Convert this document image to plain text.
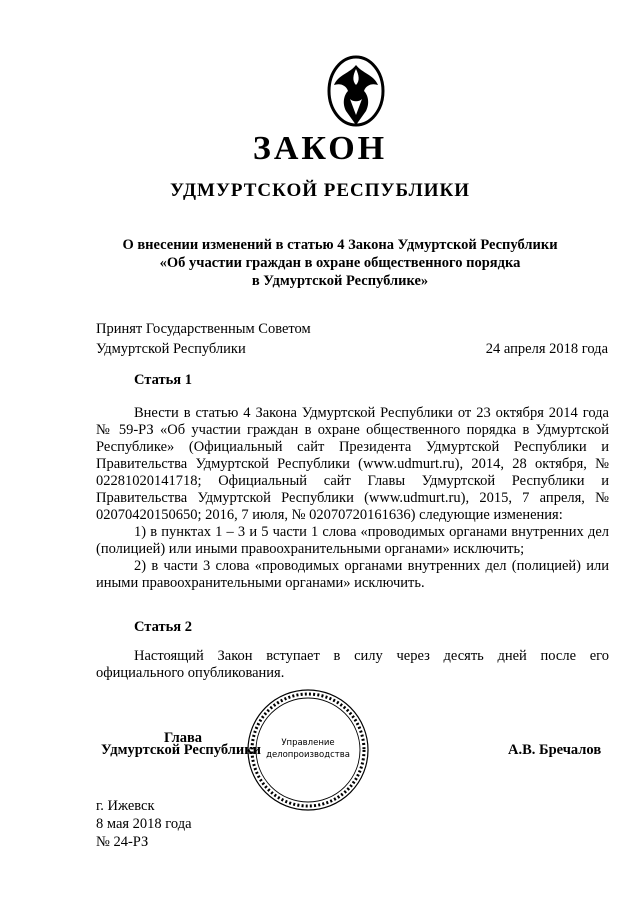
ЗАКОН
УДМУРТСКОЙ РЕСПУБЛИКИ
О внесении изменений в статью 4 Закона Удмуртской Республики
«Об участии граждан в охране общественного порядка
в Удмуртской Республике»
Принят Государственным Советом
Удмуртской Республики	24 апреля 2018 года
Статья 1

Внести в статью 4 Закона Удмуртской Республики от 23 октября 2014 года № 59-РЗ «Об участии граждан в охране общественного порядка в Удмуртской Республике» (Официальный сайт Президента Удмуртской Республики и Правительства Удмуртской Республики (www.udmurt.ru), 2014, 28 октября, № 02281020141718; Официальный сайт Главы Удмуртской Республики и Правительства Удмуртской Республики (www.udmurt.ru), 2015, 7 апреля, № 02070420150650; 2016, 7 июля, № 02070720161636) следующие изменения:

1) в пунктах 1 – 3 и 5 части 1 слова «проводимых органами внутренних дел (полицией) или иными правоохранительными органами» исключить;

2) в части 3 слова «проводимых органами внутренних дел (полицией) или иными правоохранительными органами» исключить.

Статья 2

Настоящий Закон вступает в силу через десять дней после его официального опубликования.

Глава
Удмуртской Республики	А.В. Бречалов
Управление
делопроизводства
г. Ижевск
8 мая 2018 года
№ 24-РЗ
